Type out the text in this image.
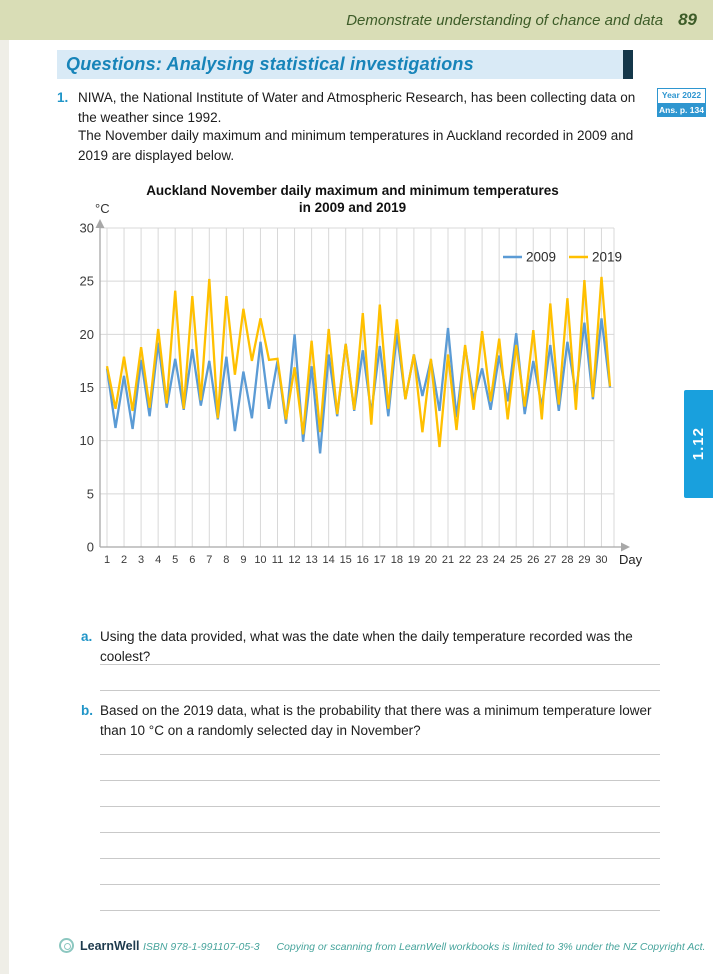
Demonstrate understanding of chance and data 89
Questions: Analysing statistical investigations
1. NIWA, the National Institute of Water and Atmospheric Research, has been collecting data on the weather since 1992.
Year 2022
Ans. p. 134
The November daily maximum and minimum temperatures in Auckland recorded in 2009 and 2019 are displayed below.
Auckland November daily maximum and minimum temperatures
in 2009 and 2019
°C
0
5
10
15
20
25
30
1 2 3 4 5 6 7 8 9 10 11 12 13 14 15 16 17 18 19 20 21 22 23 24 25 26 27 28 29 30 Day
2009	2019
a. Using the data provided, what was the date when the daily temperature recorded was the coolest?
b. Based on the 2019 data, what is the probability that there was a minimum temperature lower than 10 °C on a randomly selected day in November?
1.12
LearnWell ISBN 978-1-991107-05-3 Copying or scanning from LearnWell workbooks is limited to 3% under the NZ Copyright Act.
